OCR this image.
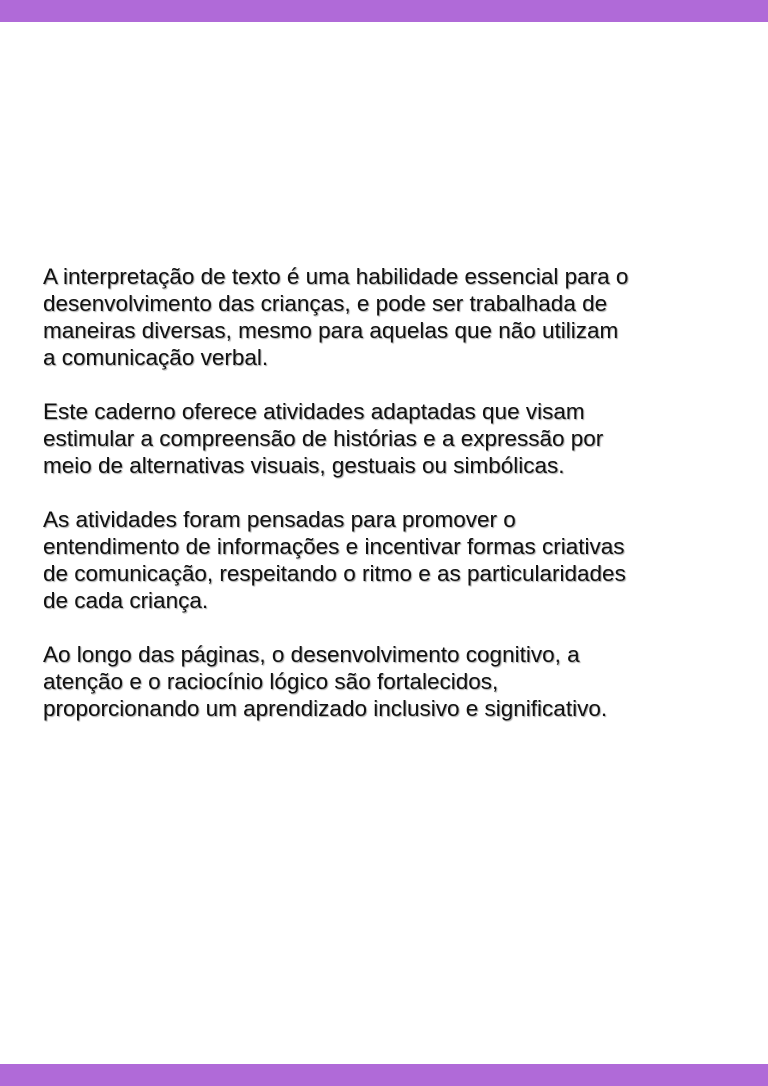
A interpretação de texto é uma habilidade essencial para o
desenvolvimento das crianças, e pode ser trabalhada de
maneiras diversas, mesmo para aquelas que não utilizam
a comunicação verbal.

Este caderno oferece atividades adaptadas que visam
estimular a compreensão de histórias e a expressão por
meio de alternativas visuais, gestuais ou simbólicas.

As atividades foram pensadas para promover o
entendimento de informações e incentivar formas criativas
de comunicação, respeitando o ritmo e as particularidades
de cada criança.

Ao longo das páginas, o desenvolvimento cognitivo, a
atenção e o raciocínio lógico são fortalecidos,
proporcionando um aprendizado inclusivo e significativo.
